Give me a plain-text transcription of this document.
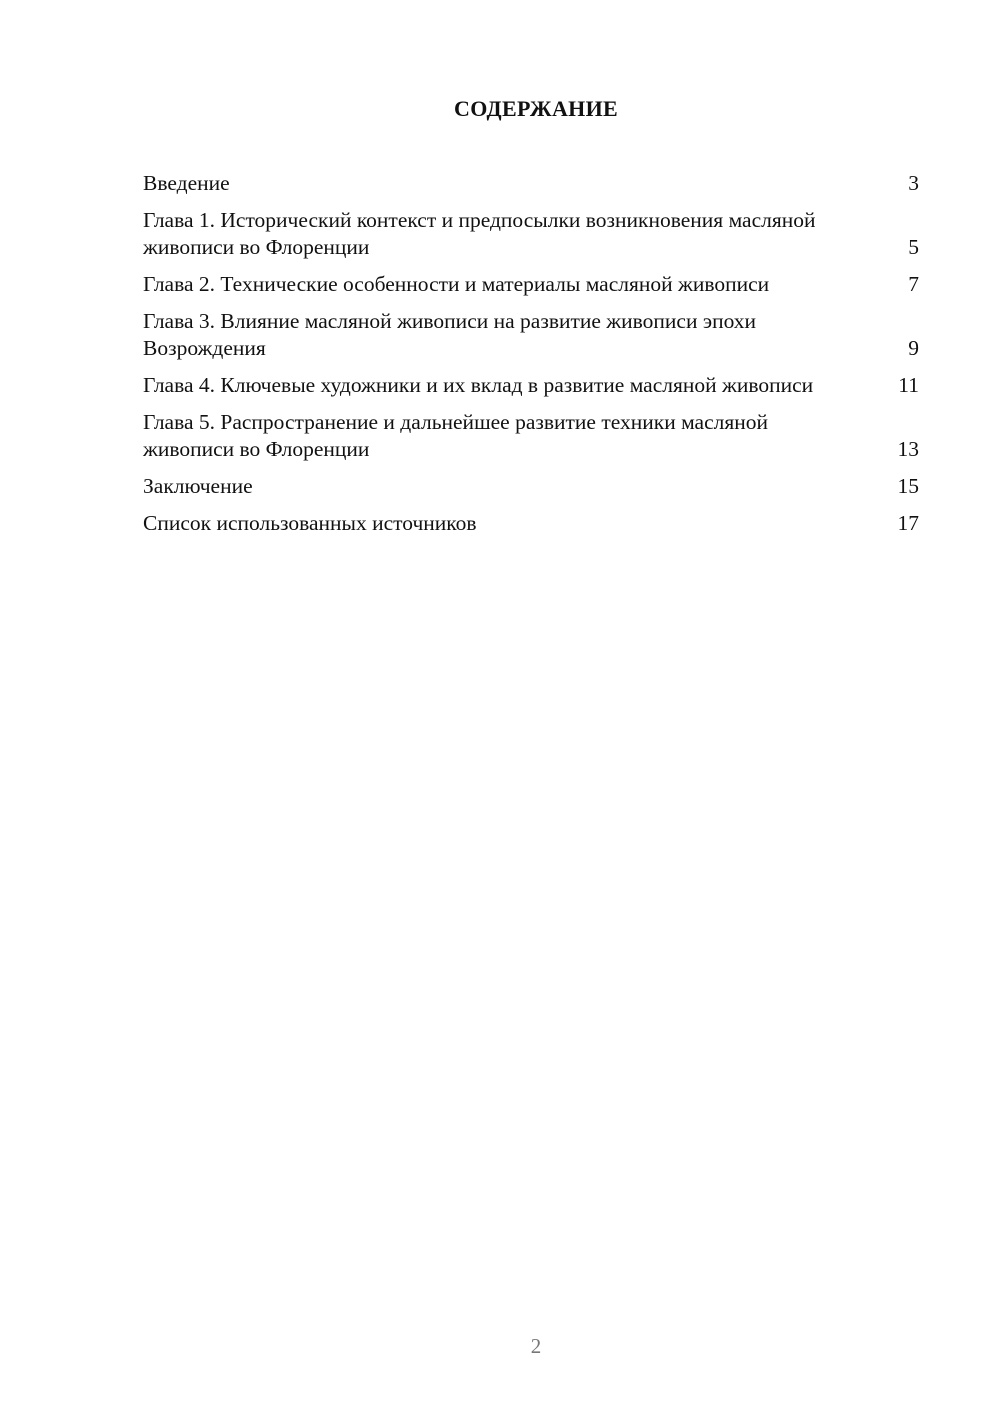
СОДЕРЖАНИЕ
Введение	3
Глава 1. Исторический контекст и предпосылки возникновения масляной живописи во Флоренции	5
Глава 2. Технические особенности и материалы масляной живописи	7
Глава 3. Влияние масляной живописи на развитие живописи эпохи Возрождения	9
Глава 4. Ключевые художники и их вклад в развитие масляной живописи	11
Глава 5. Распространение и дальнейшее развитие техники масляной живописи во Флоренции	13
Заключение	15
Список использованных источников	17
2
